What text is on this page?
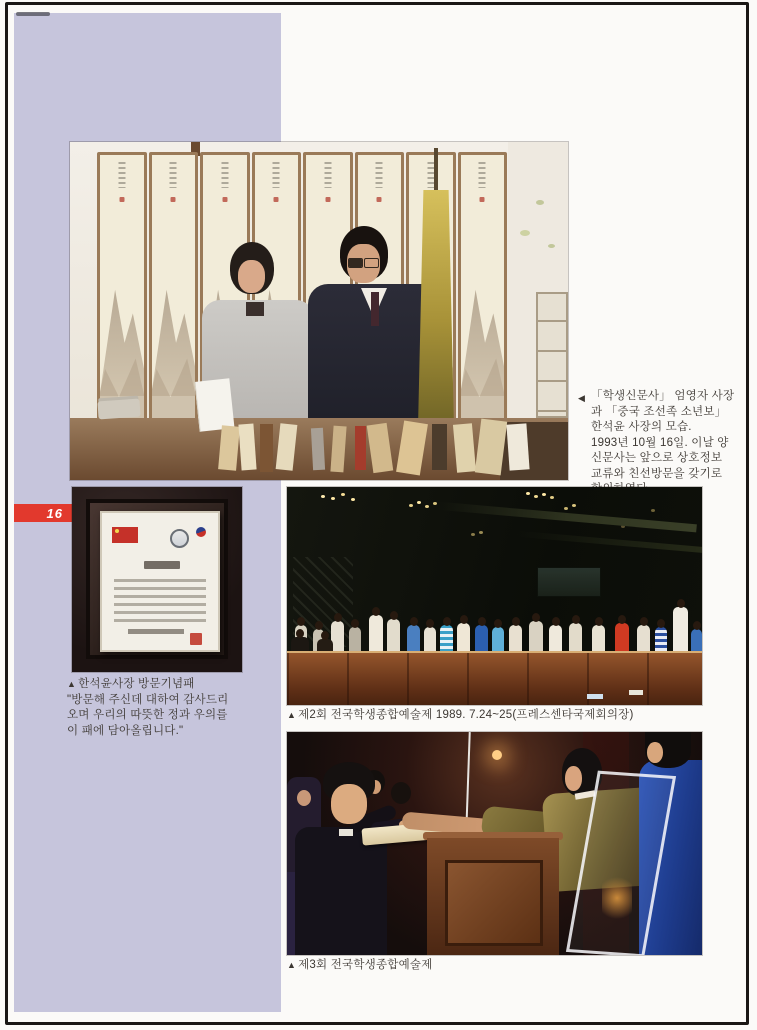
16
◀ 「학생신문사」 엄영자 사장
과 「중국 조선족 소년보」
한석윤 사장의 모습.
1993년 10월 16일. 이날 양
신문사는 앞으로 상호정보
교류와 친선방문을 갖기로
▲ 한석윤사장 방문기념패
"방문해 주신데 대하여 감사드리
오며 우리의 따뜻한 정과 우의를
이 패에 담아올립니다."
▲ 제2회 전국학생종합예술제 1989. 7.24~25(프레스센타국제회의장)
▲ 제3회 전국학생종합예술제
